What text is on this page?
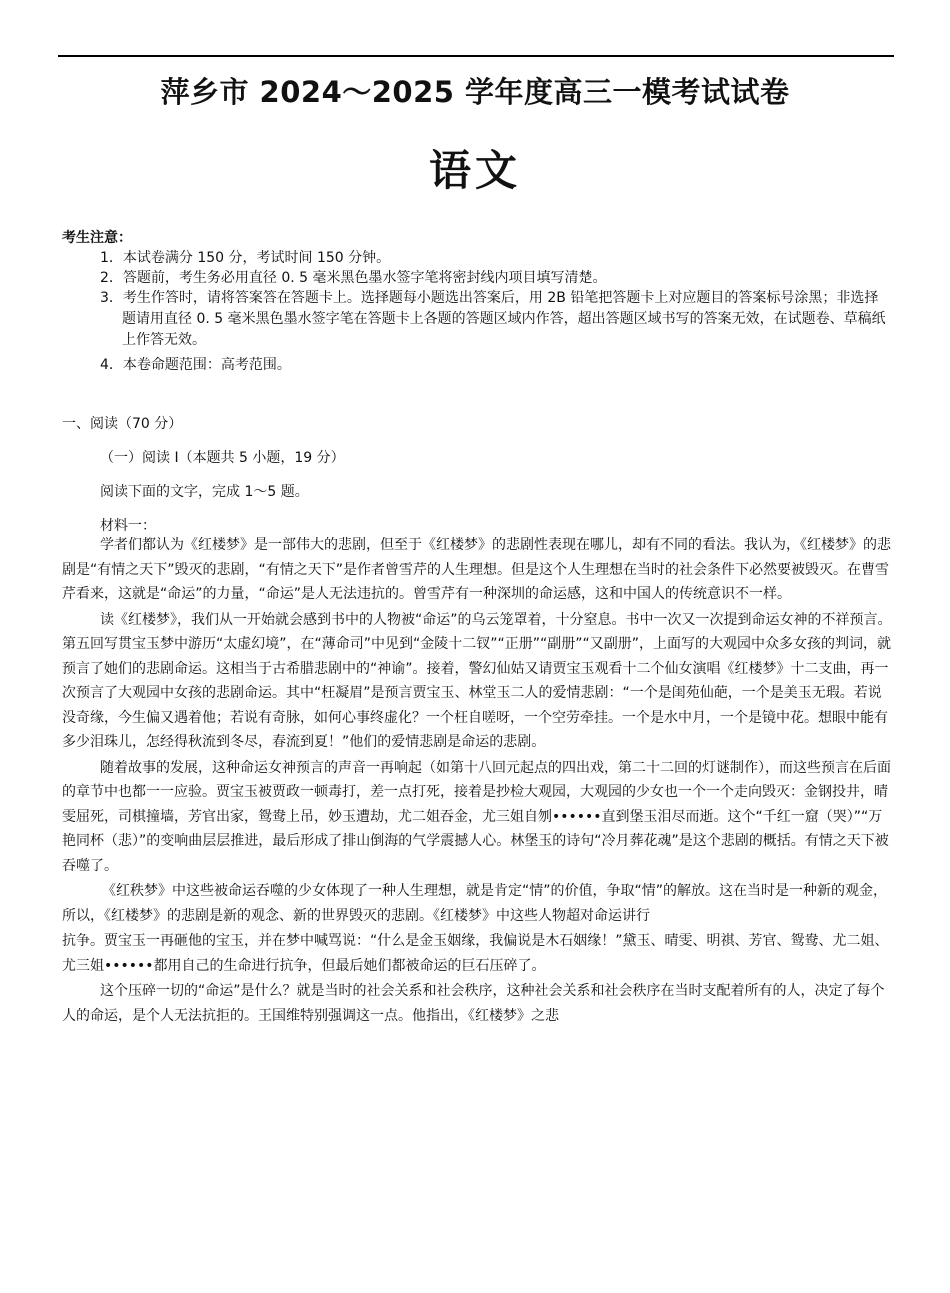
萍乡市 2024～2025 学年度高三一模考试试卷
语文
考生注意：
1．本试卷满分 150 分，考试时间 150 分钟。
2．答题前，考生务必用直径 0. 5 毫米黑色墨水签字笔将密封线内项目填写清楚。
3．考生作答时，请将答案答在答题卡上。选择题每小题选出答案后，用 2B 铅笔把答题卡上对应题目的答案标号涂黑；非选择题请用直径 0. 5 毫米黑色墨水签字笔在答题卡上各题的答题区域内作答，超出答题区域书写的答案无效，在试题卷、草稿纸上作答无效。
4．本卷命题范围：高考范围。
一、阅读（70 分）
（一）阅读 I（本题共 5 小题，19 分）
阅读下面的文字，完成 1～5 题。
材料一：

学者们都认为《红楼梦》是一部伟大的悲剧，但至于《红楼梦》的悲剧性表现在哪儿，却有不同的看法。我认为，《红楼梦》的悲剧是“有情之天下”毁灭的悲剧，“有情之天下”是作者曾雪芹的人生理想。但是这个人生理想在当时的社会条件下必然要被毁灭。在曹雪芹看来，这就是“命运”的力量，“命运”是人无法违抗的。曾雪芹有一种深圳的命运感，这和中国人的传统意识不一样。

读《红楼梦》，我们从一开始就会感到书中的人物被“命运”的乌云笼罩着，十分窒息。书中一次又一次提到命运女神的不祥预言。第五回写贯宝玉梦中游历“太虚幻境”，在“薄命司”中见到“金陵十二钗”“正册”“副册”“又副册”，上面写的大观园中众多女孩的判词，就预言了她们的悲剧命运。这相当于古希腊悲剧中的“神谕”。接着，警幻仙姑又请贾宝玉观看十二个仙女演唱《红楼梦》十二支曲，再一次预言了大观园中女孩的悲剧命运。其中“枉凝眉”是预言贾宝玉、林堂玉二人的爱情悲剧：“一个是闺苑仙葩，一个是美玉无瑕。若说没奇缘，今生偏又遇着他；若说有奇脉，如何心事终虚化？一个枉自嗟呀，一个空劳牵挂。一个是水中月，一个是镜中花。想眼中能有多少泪珠儿，怎经得秋流到冬尽，春流到夏！”他们的爱情悲剧是命运的悲剧。

随着故事的发展，这种命运女神预言的声音一再响起（如第十八回元起点的四出戏，第二十二回的灯谜制作），而这些预言在后面的章节中也都一一应验。贾宝玉被贾政一顿毒打，差一点打死，接着是抄检大观园，大观园的少女也一个一个走向毁灭：金钢投井，晴雯屈死，司棋撞墙，芳官出家，鸳鸯上吊，妙玉遭劫，尤二姐吞金，尤三姐自刎••••••直到堡玉泪尽而逝。这个“千红一窟（哭）”“万艳同杯（悲）”的变响曲层层推进，最后形成了排山倒海的气学震撼人心。林堡玉的诗句“冷月葬花魂”是这个悲剧的概括。有情之天下被吞噬了。

《红秩梦》中这些被命运吞噬的少女体现了一种人生理想，就是肯定“情”的价值，争取“情”的解放。这在当时是一种新的观金，所以，《红楼梦》的悲剧是新的观念、新的世界毁灭的悲剧。《红楼梦》中这些人物超对命运讲行

抗争。贾宝玉一再砸他的宝玉，并在梦中喊骂说：“什么是金玉姻缘，我偏说是木石姻缘！”黛玉、晴雯、明祺、芳官、鸳鸯、尤二姐、尤三姐••••••都用自己的生命进行抗争，但最后她们都被命运的巨石压碎了。

这个压碎一切的“命运”是什么？就是当时的社会关系和社会秩序，这种社会关系和社会秩序在当时支配着所有的人，决定了每个人的命运，是个人无法抗拒的。王国维特别强调这一点。他指出，《红楼梦》之悲
